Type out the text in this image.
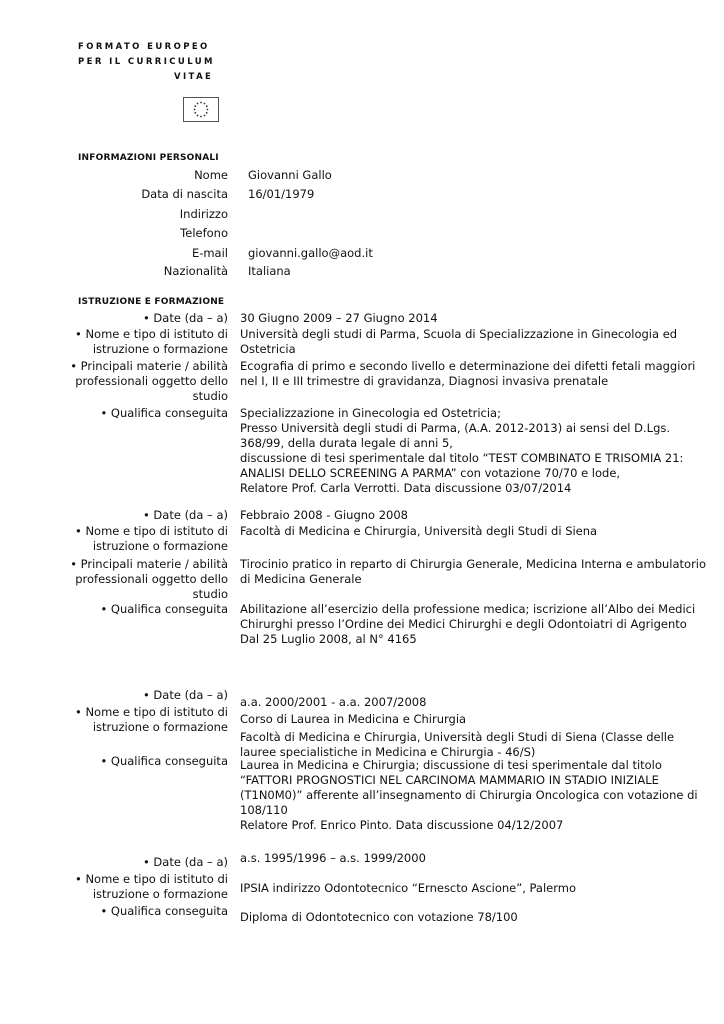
FORMATO EUROPEO
PER IL CURRICULUM
VITAE
INFORMAZIONI PERSONALI
Nome Giovanni Gallo
Data di nascita 16/01/1979
Indirizzo
Telefono
E-mail giovanni.gallo@aod.it
Nazionalità Italiana
ISTRUZIONE E FORMAZIONE
• Date (da – a) 30 Giugno 2009 – 27 Giugno 2014
• Nome e tipo di istituto di
istruzione o formazione
Università degli studi di Parma, Scuola di Specializzazione in Ginecologia ed
Ostetricia
• Principali materie / abilità
professionali oggetto dello
studio
Ecografia di primo e secondo livello e determinazione dei difetti fetali maggiori
nel I, II e III trimestre di gravidanza, Diagnosi invasiva prenatale
• Qualifica conseguita Specializzazione in Ginecologia ed Ostetricia;
Presso Università degli studi di Parma, (A.A. 2012-2013) ai sensi del D.Lgs.
368/99, della durata legale di anni 5,
discussione di tesi sperimentale dal titolo “TEST COMBINATO E TRISOMIA 21:
ANALISI DELLO SCREENING A PARMA” con votazione 70/70 e lode,
Relatore Prof. Carla Verrotti. Data discussione 03/07/2014
• Date (da – a) Febbraio 2008 - Giugno 2008
• Nome e tipo di istituto di
istruzione o formazione
Facoltà di Medicina e Chirurgia, Università degli Studi di Siena
• Principali materie / abilità
professionali oggetto dello
studio
Tirocinio pratico in reparto di Chirurgia Generale, Medicina Interna e ambulatorio
di Medicina Generale
• Qualifica conseguita Abilitazione all’esercizio della professione medica; iscrizione all’Albo dei Medici
Chirurghi presso l’Ordine dei Medici Chirurghi e degli Odontoiatri di Agrigento
Dal 25 Luglio 2008, al N° 4165
• Date (da – a) a.a. 2000/2001 - a.a. 2007/2008
• Nome e tipo di istituto di
istruzione o formazione
Corso di Laurea in Medicina e Chirurgia
Facoltà di Medicina e Chirurgia, Università degli Studi di Siena (Classe delle
lauree specialistiche in Medicina e Chirurgia - 46/S)
• Qualifica conseguita Laurea in Medicina e Chirurgia; discussione di tesi sperimentale dal titolo
“FATTORI PROGNOSTICI NEL CARCINOMA MAMMARIO IN STADIO INIZIALE
(T1N0M0)” afferente all’insegnamento di Chirurgia Oncologica con votazione di
108/110
Relatore Prof. Enrico Pinto. Data discussione 04/12/2007
• Date (da – a) a.s. 1995/1996 – a.s. 1999/2000
• Nome e tipo di istituto di
istruzione o formazione IPSIA indirizzo Odontotecnico “Ernescto Ascione”, Palermo
• Qualifica conseguita Diploma di Odontotecnico con votazione 78/100
